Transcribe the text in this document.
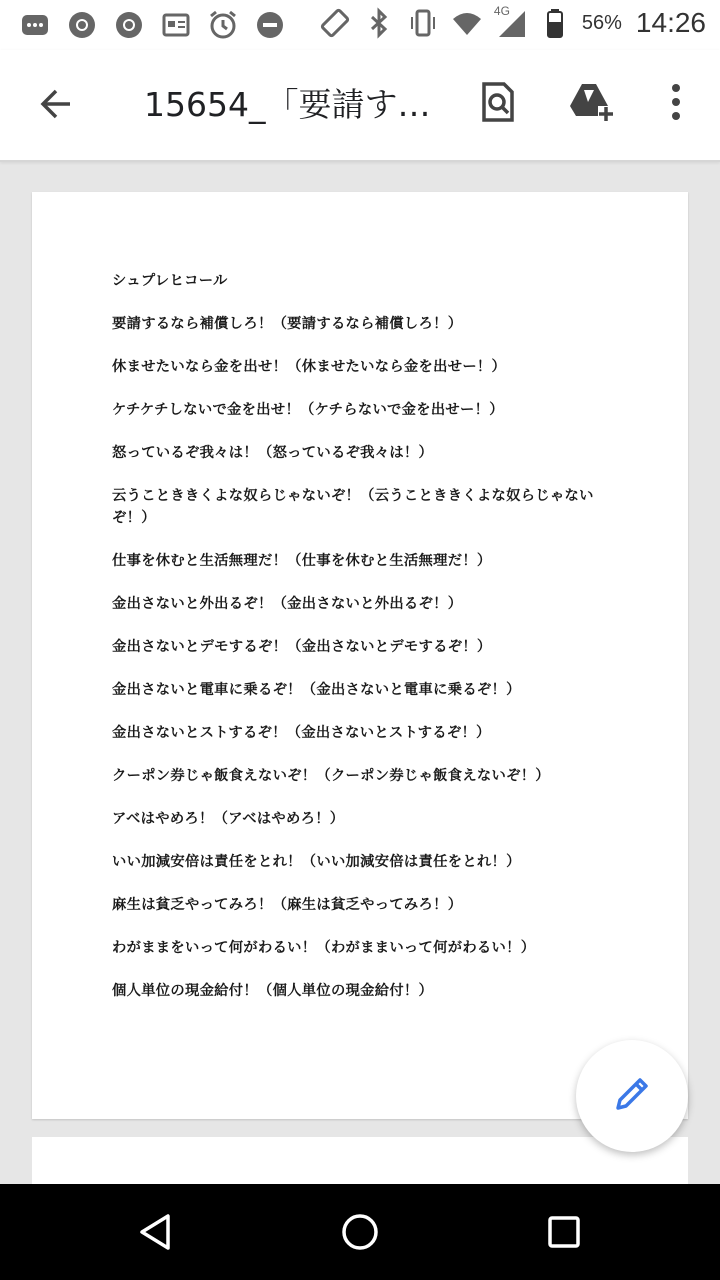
4G
56% 14:26
15654_「要請す…

シュプレヒコール

要請するなら補償しろ！（要請するなら補償しろ！）

休ませたいなら金を出せ！（休ませたいなら金を出せー！）

ケチケチしないで金を出せ！（ケチらないで金を出せー！）

怒っているぞ我々は！（怒っているぞ我々は！）

云うことききくよな奴らじゃないぞ！（云うことききくよな奴らじゃないぞ！）

仕事を休むと生活無理だ！（仕事を休むと生活無理だ！）

金出さないと外出るぞ！（金出さないと外出るぞ！）

金出さないとデモするぞ！（金出さないとデモするぞ！）

金出さないと電車に乗るぞ！（金出さないと電車に乗るぞ！）

金出さないとストするぞ！（金出さないとストするぞ！）

クーポン券じゃ飯食えないぞ！（クーポン券じゃ飯食えないぞ！）

アベはやめろ！（アベはやめろ！）

いい加減安倍は責任をとれ！（いい加減安倍は責任をとれ！）

麻生は貧乏やってみろ！（麻生は貧乏やってみろ！）

わがままをいって何がわるい！（わがままいって何がわるい！）

個人単位の現金給付！（個人単位の現金給付！）
